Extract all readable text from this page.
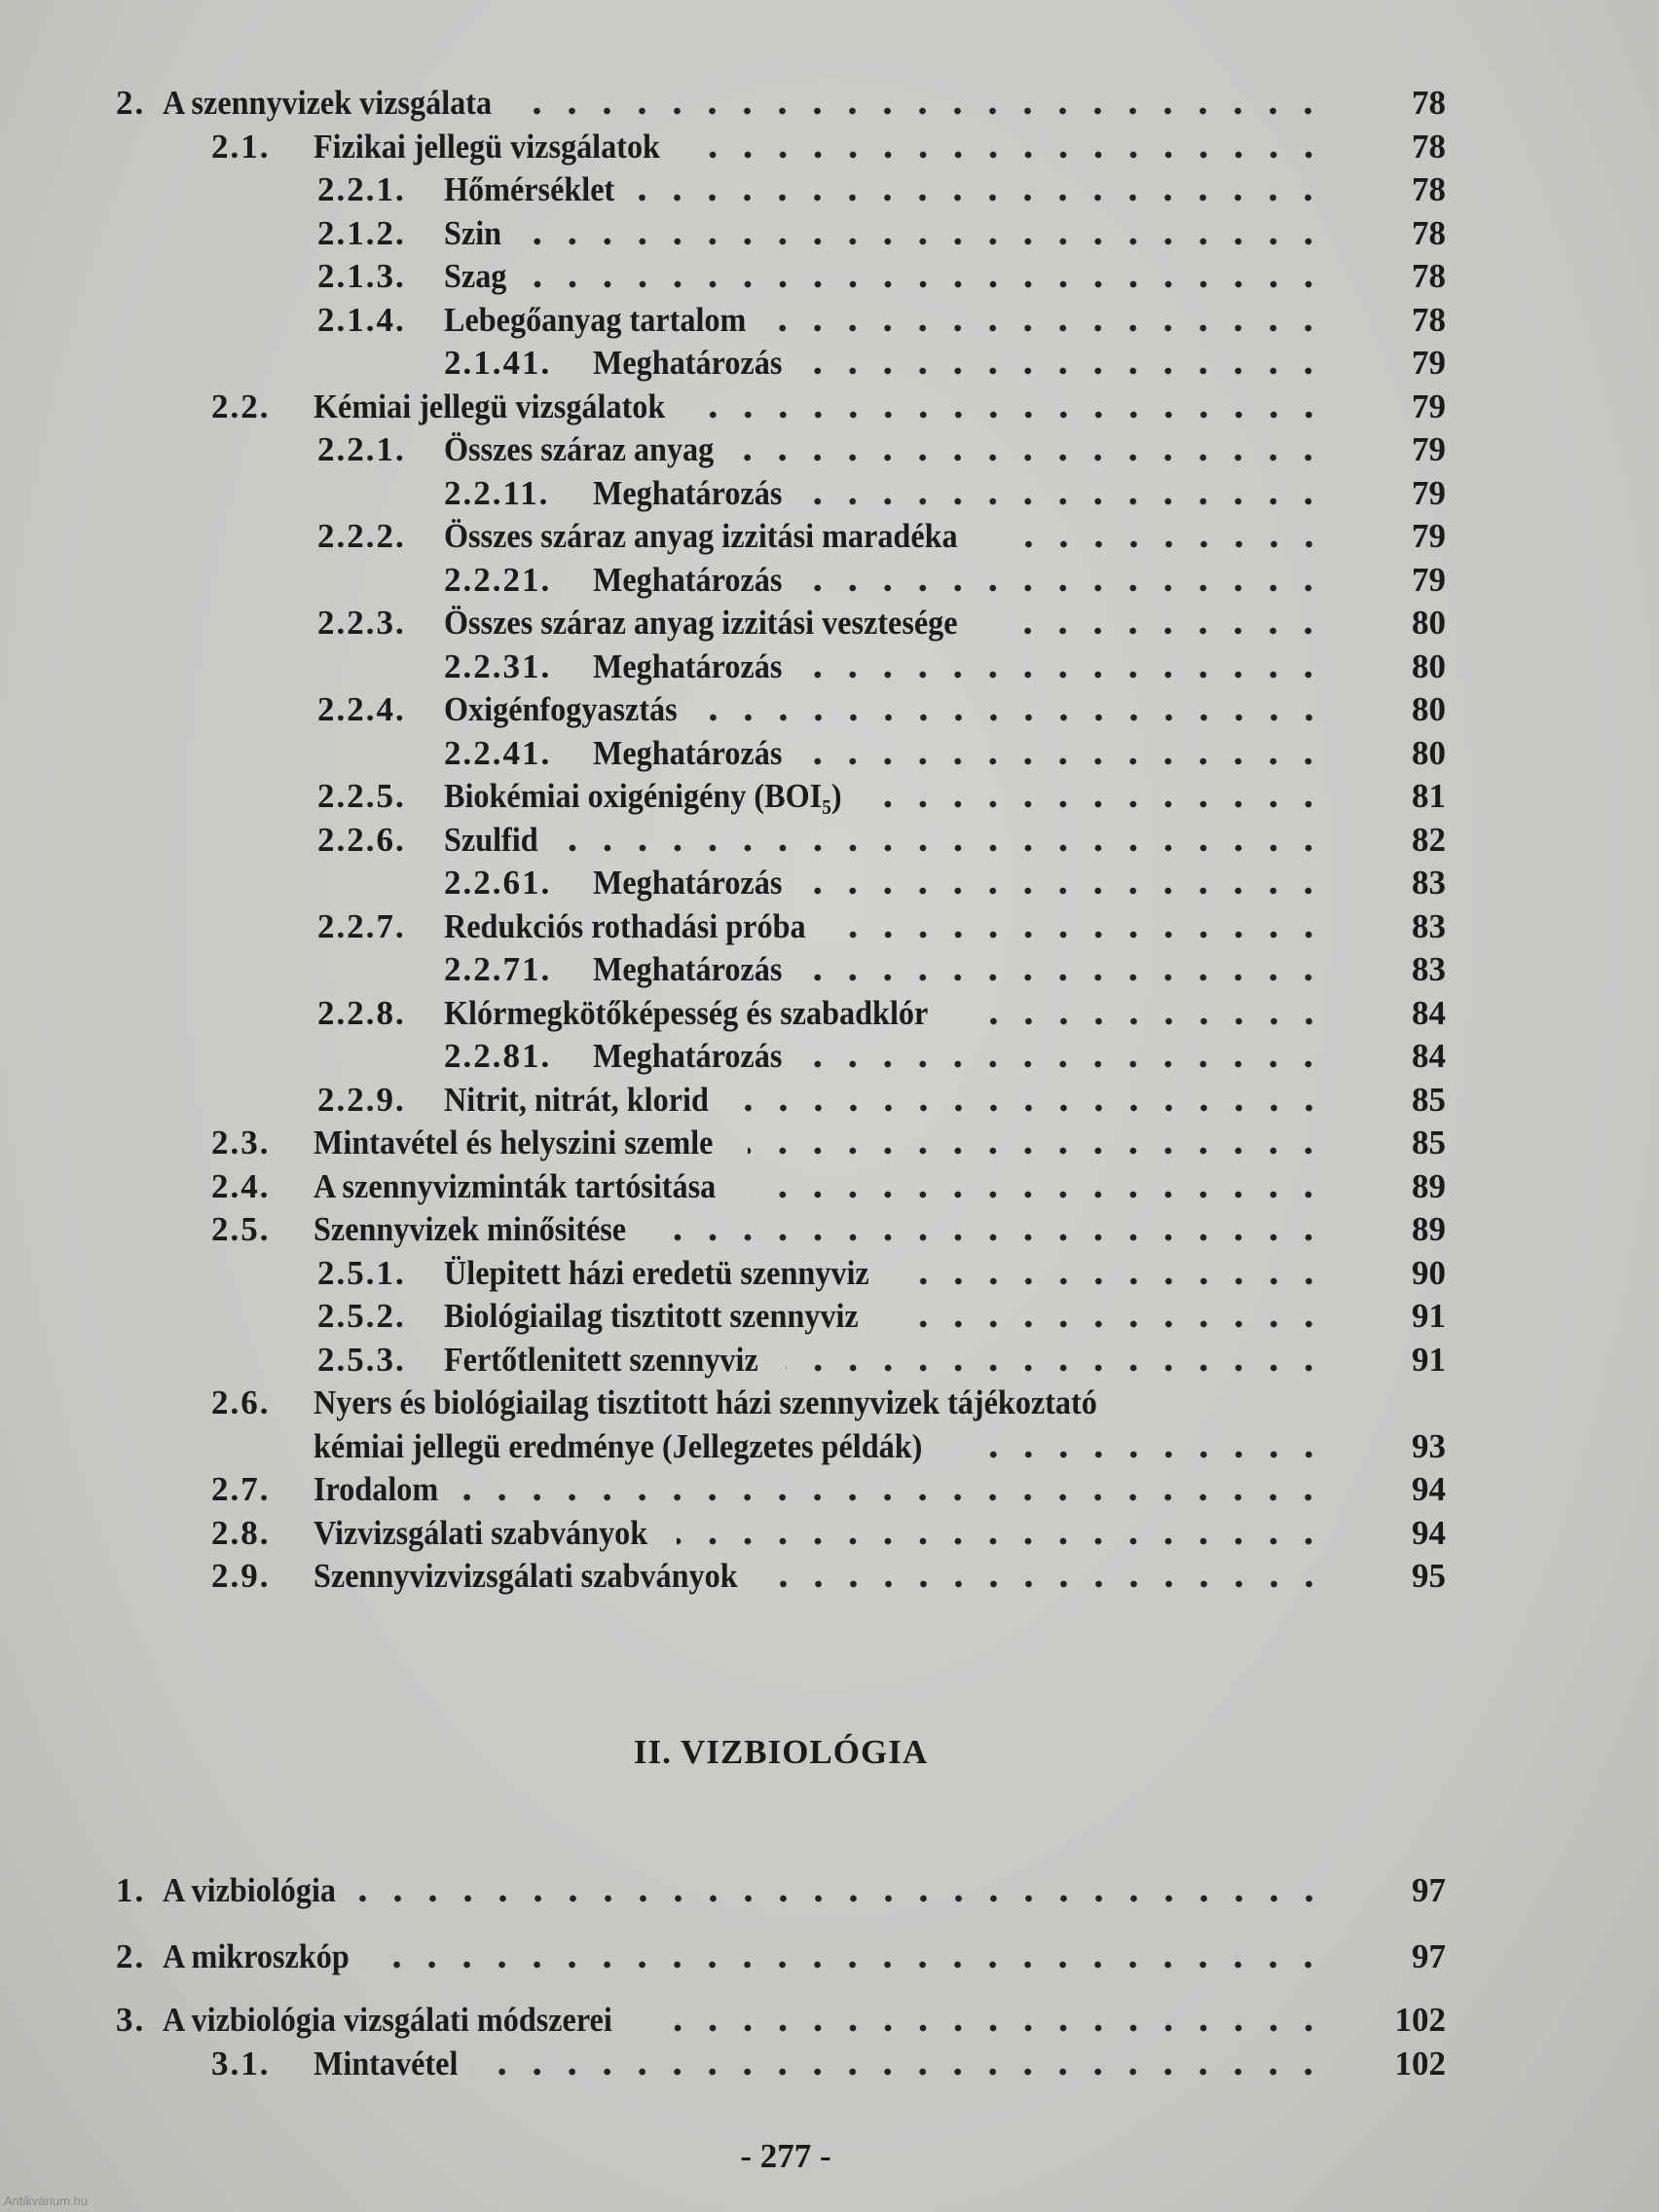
2. A szennyvizek vizsgálata	78
2.1. Fizikai jellegü vizsgálatok	78
2.2.1. Hőmérséklet	78
2.1.2. Szin	78
2.1.3. Szag	78
2.1.4. Lebegőanyag tartalom	78
2.1.41. Meghatározás	79
2.2. Kémiai jellegü vizsgálatok	79
2.2.1. Összes száraz anyag	79
2.2.11. Meghatározás	79
2.2.2. Összes száraz anyag izzitási maradéka	79
2.2.21. Meghatározás	79
2.2.3. Összes száraz anyag izzitási vesztesége	80
2.2.31. Meghatározás	80
2.2.4. Oxigénfogyasztás	80
2.2.41. Meghatározás	80
2.2.5. Biokémiai oxigénigény (BOI₅)	81
2.2.6. Szulfid	82
2.2.61. Meghatározás	83
2.2.7. Redukciós rothadási próba	83
2.2.71. Meghatározás	83
2.2.8. Klórmegkötőképesség és szabadklór	84
2.2.81. Meghatározás	84
2.2.9. Nitrit, nitrát, klorid	85
2.3. Mintavétel és helyszini szemle	85
2.4. A szennyvizminták tartósitása	89
2.5. Szennyvizek minősitése	89
2.5.1. Ülepitett házi eredetü szennyviz	90
2.5.2. Biológiailag tisztitott szennyviz	91
2.5.3. Fertőtlenitett szennyviz	91
2.6. Nyers és biológiailag tisztitott házi szennyvizek tájékoztató
kémiai jellegü eredménye (Jellegzetes példák)	93
2.7. Irodalom	94
2.8. Vizvizsgálati szabványok	94
2.9. Szennyvizvizsgálati szabványok	95
1. A vizbiológia	97
2. A mikroszkóp	97
3. A vizbiológia vizsgálati módszerei	102
3.1. Mintavétel	102
II. VIZBIOLÓGIA
- 277 -
Antikvárium.hu
